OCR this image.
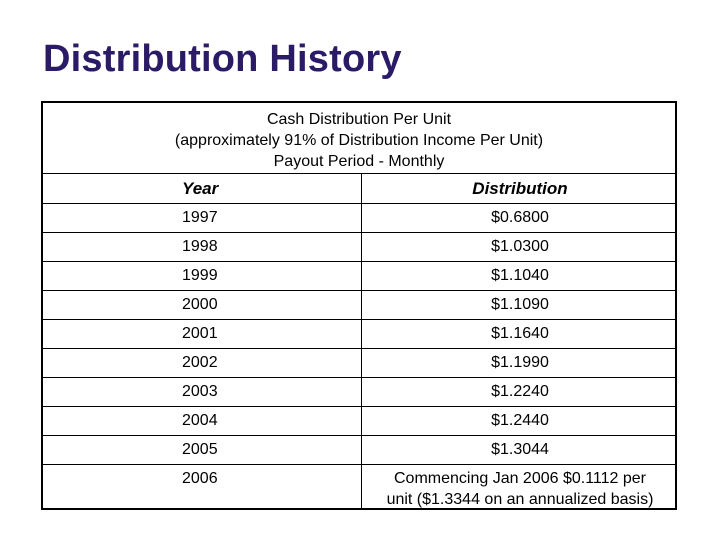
Distribution History
Cash Distribution Per Unit
(approximately 91% of Distribution Income Per Unit)
Payout Period - Monthly
Year	Distribution
1997	$0.6800
1998	$1.0300
1999	$1.1040
2000	$1.1090
2001	$1.1640
2002	$1.1990
2003	$1.2240
2004	$1.2440
2005	$1.3044
2006	Commencing Jan 2006 $0.1112 per
unit ($1.3344 on an annualized basis)
